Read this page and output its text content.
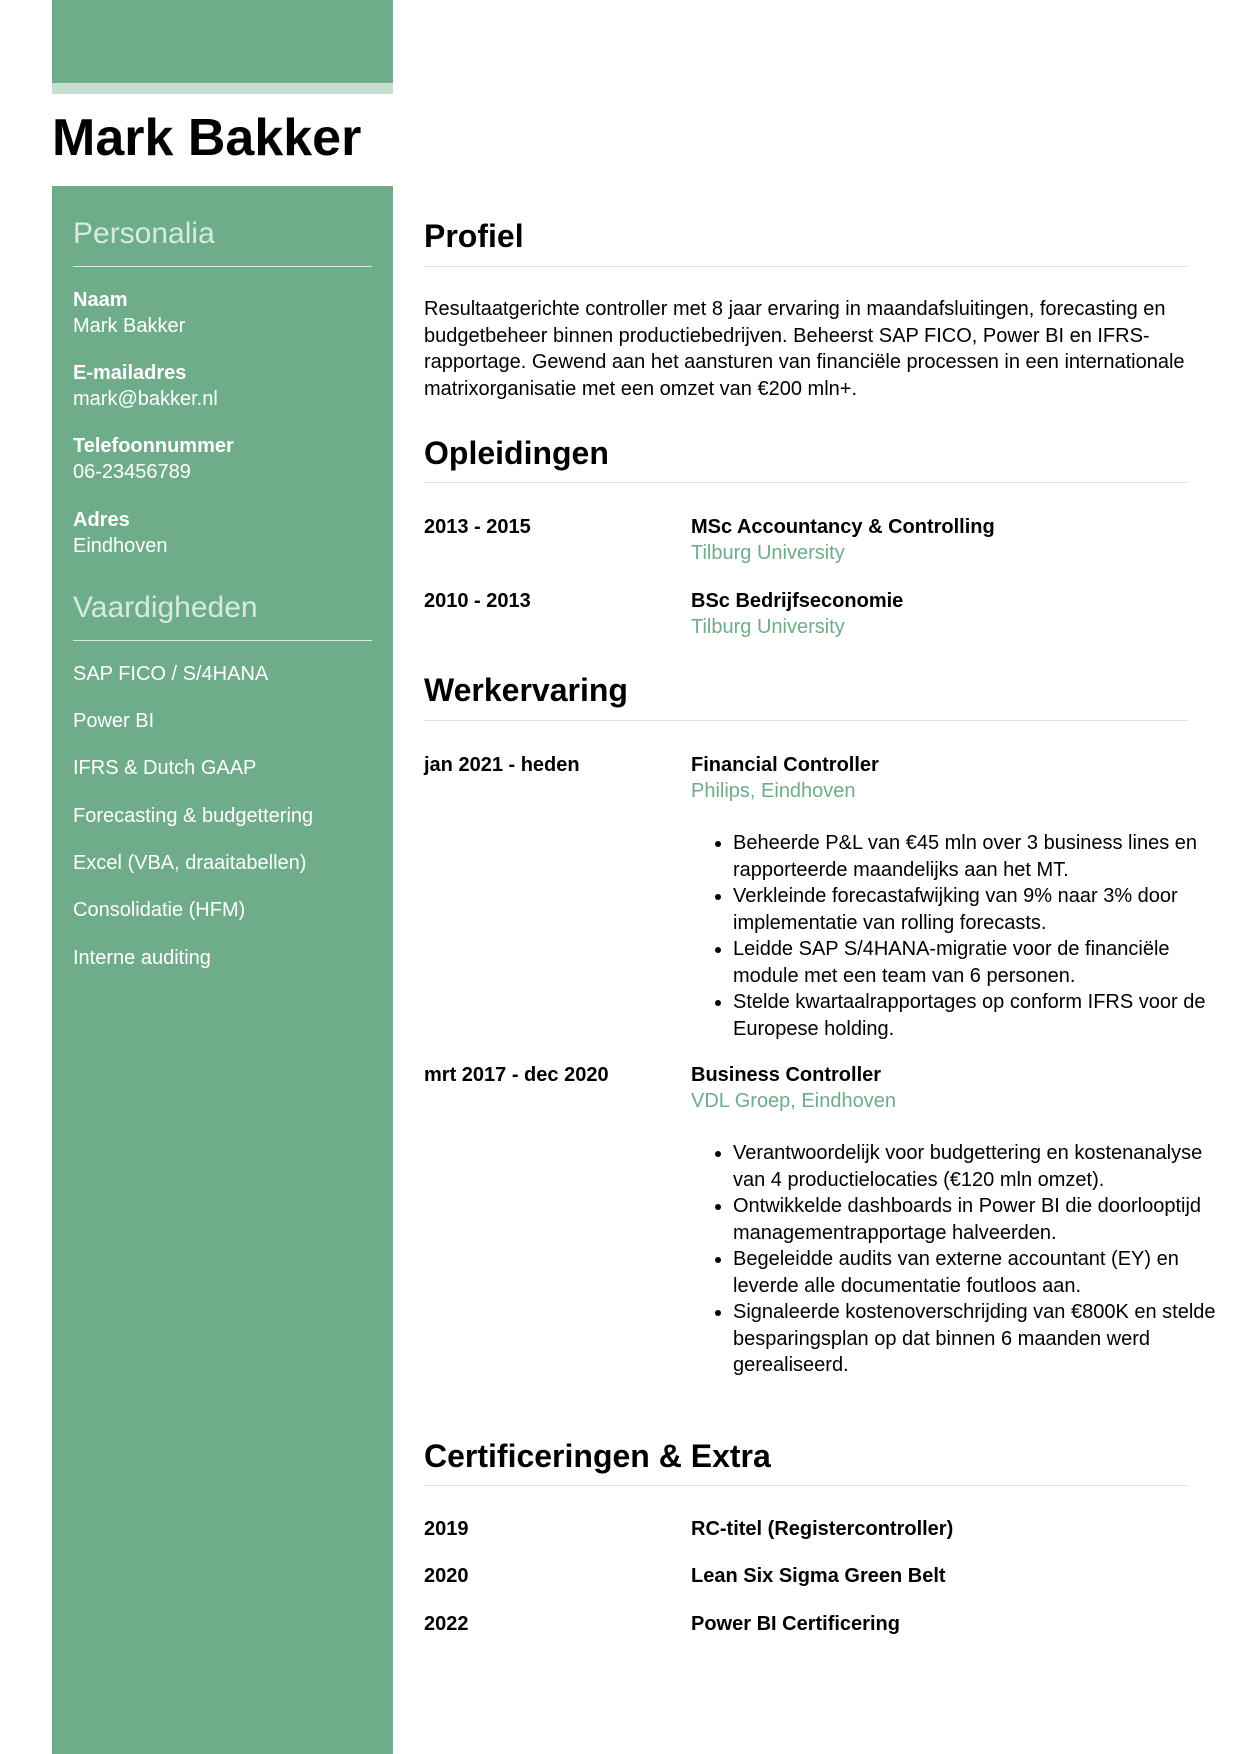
Mark Bakker
Personalia
Naam
Mark Bakker
E-mailadres
mark@bakker.nl
Telefoonnummer
06-23456789
Adres
Eindhoven
Vaardigheden
SAP FICO / S/4HANA
Power BI
IFRS & Dutch GAAP
Forecasting & budgettering
Excel (VBA, draaitabellen)
Consolidatie (HFM)
Interne auditing
Profiel

Resultaatgerichte controller met 8 jaar ervaring in maandafsluitingen, forecasting en budgetbeheer binnen productiebedrijven. Beheerst SAP FICO, Power BI en IFRS-rapportage. Gewend aan het aansturen van financiële processen in een internationale matrixorganisatie met een omzet van €200 mln+.

Opleidingen
2013 - 2015	MSc Accountancy & Controlling
Tilburg University
2010 - 2013	BSc Bedrijfseconomie
Tilburg University
Werkervaring
jan 2021 - heden	Financial Controller
Philips, Eindhoven
• Beheerde P&L van €45 mln over 3 business lines en rapporteerde maandelijks aan het MT.
• Verkleinde forecastafwijking van 9% naar 3% door implementatie van rolling forecasts.
• Leidde SAP S/4HANA-migratie voor de financiële module met een team van 6 personen.
• Stelde kwartaalrapportages op conform IFRS voor de Europese holding.
mrt 2017 - dec 2020	Business Controller
VDL Groep, Eindhoven
• Verantwoordelijk voor budgettering en kostenanalyse van 4 productielocaties (€120 mln omzet).
• Ontwikkelde dashboards in Power BI die doorlooptijd managementrapportage halveerden.
• Begeleidde audits van externe accountant (EY) en leverde alle documentatie foutloos aan.
• Signaleerde kostenoverschrijding van €800K en stelde besparingsplan op dat binnen 6 maanden werd gerealiseerd.
Certificeringen & Extra
2019	RC-titel (Registercontroller)
2020	Lean Six Sigma Green Belt
2022	Power BI Certificering
